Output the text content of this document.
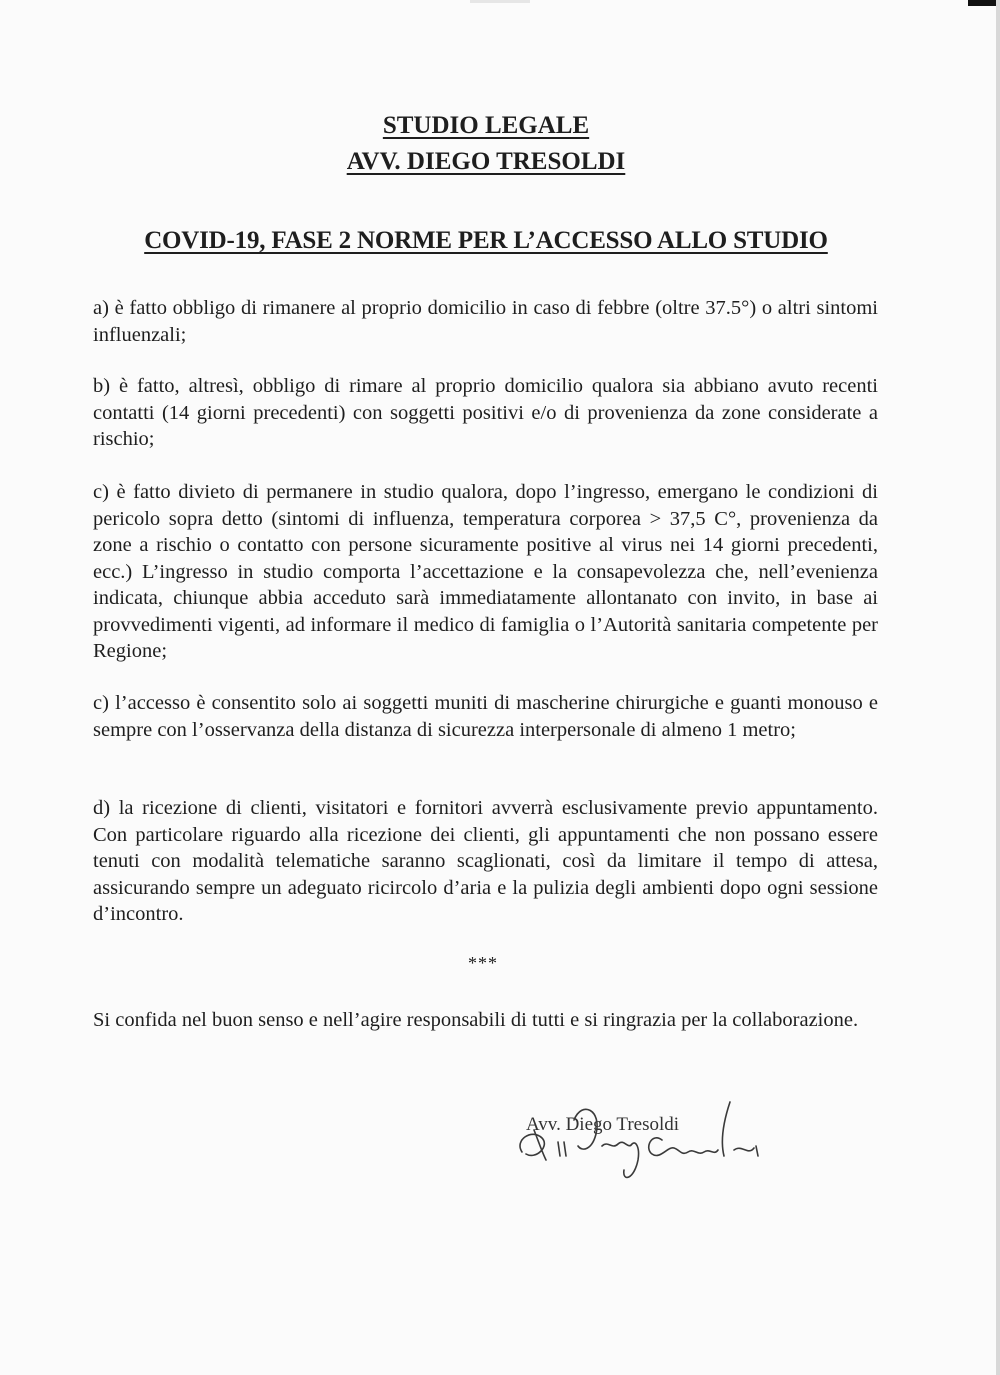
STUDIO LEGALE
AVV. DIEGO TRESOLDI
COVID-19, FASE 2 NORME PER L’ACCESSO ALLO STUDIO
a) è fatto obbligo di rimanere al proprio domicilio in caso di febbre (oltre 37.5°) o altri sintomi influenzali;
b) è fatto, altresì, obbligo di rimare al proprio domicilio qualora sia abbiano avuto recenti contatti (14 giorni precedenti) con soggetti positivi e/o di provenienza da zone considerate a rischio;
c) è fatto divieto di permanere in studio qualora, dopo l’ingresso, emergano le condizioni di pericolo sopra detto (sintomi di influenza, temperatura corporea > 37,5 C°, provenienza da zone a rischio o contatto con persone sicuramente positive al virus nei 14 giorni precedenti, ecc.) L’ingresso in studio comporta l’accettazione e la consapevolezza che, nell’evenienza indicata, chiunque abbia acceduto sarà immediatamente allontanato con invito, in base ai provvedimenti vigenti, ad informare il medico di famiglia o l’Autorità sanitaria competente per Regione;
c) l’accesso è consentito solo ai soggetti muniti di mascherine chirurgiche e guanti monouso e sempre con l’osservanza della distanza di sicurezza interpersonale di almeno 1 metro;
d) la ricezione di clienti, visitatori e fornitori avverrà esclusivamente previo appuntamento. Con particolare riguardo alla ricezione dei clienti, gli appuntamenti che non possano essere tenuti con modalità telematiche saranno scaglionati, così da limitare il tempo di attesa, assicurando sempre un adeguato ricircolo d’aria e la pulizia degli ambienti dopo ogni sessione d’incontro.
***
Si confida nel buon senso e nell’agire responsabili di tutti e si ringrazia per la collaborazione.
Avv. Diego Tresoldi
